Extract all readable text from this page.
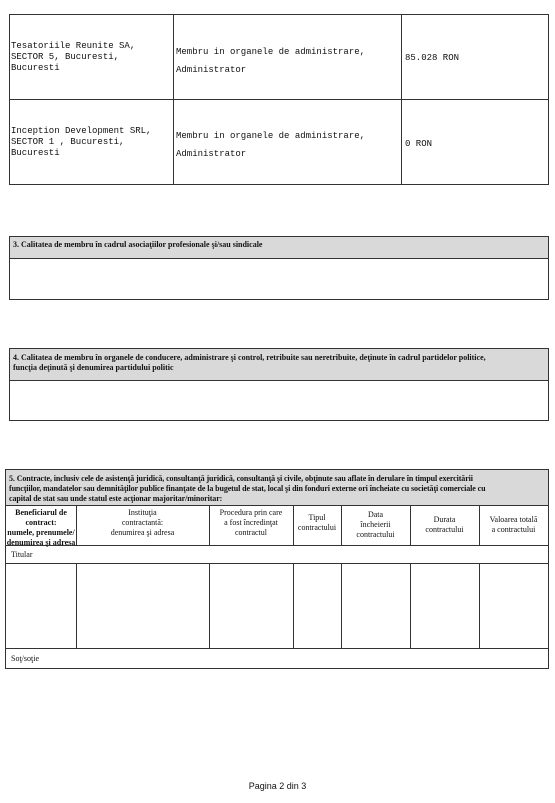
Tesatoriile Reunite SA,
SECTOR 5, Bucuresti,
Bucuresti
Membru in organele de administrare,
Administrator
85.028 RON
Inception Development SRL,
SECTOR 1 , Bucuresti,
Bucuresti
Membru in organele de administrare,
Administrator
0 RON
3. Calitatea de membru în cadrul asociaţiilor profesionale şi/sau sindicale
4. Calitatea de membru în organele de conducere, administrare şi control, retribuite sau neretribuite, deţinute în cadrul partidelor politice,
funcţia deţinută şi denumirea partidului politic
5. Contracte, inclusiv cele de asistenţă juridică, consultanţă juridică, consultanţă şi civile, obţinute sau aflate în derulare în timpul exercitării
funcţiilor, mandatelor sau demnităţilor publice finanţate de la bugetul de stat, local şi din fonduri externe ori încheiate cu societăţi comerciale cu
capital de stat sau unde statul este acţionar majoritar/minoritar:
Beneficiarul de contract:
numele, prenumele/
denumirea şi adresa
Instituţia
contractantă:
denumirea şi adresa
Procedura prin care
a fost încredinţat
contractul
Tipul
contractului
Data
încheierii
contractului
Durata
contractului
Valoarea totală
a contractului
Titular
Soţ/soţie
Pagina 2 din 3
